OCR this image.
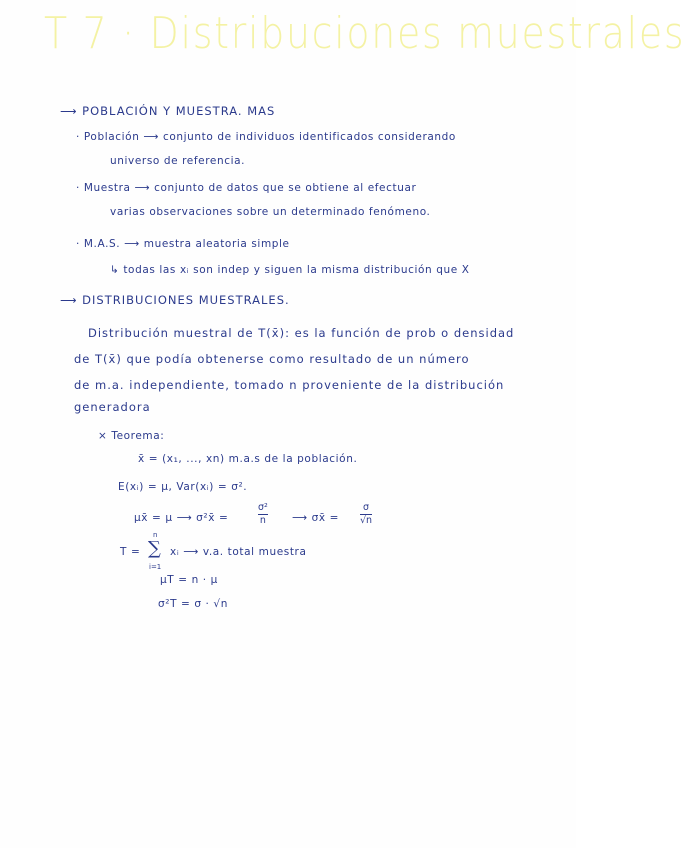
T 7 · Distribuciones muestrales
⟶ POBLACIÓN Y MUESTRA. MAS
· Población ⟶ conjunto de individuos identificados considerando
universo de referencia.
· Muestra ⟶ conjunto de datos que se obtiene al efectuar
varias observaciones sobre un determinado fenómeno.
· M.A.S. ⟶ muestra aleatoria simple
↳ todas las xᵢ son indep y siguen la misma distribución que X
⟶ DISTRIBUCIONES MUESTRALES.
Distribución muestral de T(x̄): es la función de prob o densidad
de T(x̄) que podía obtenerse como resultado de un número
de m.a. independiente, tomado n proveniente de la distribución
generadora
× Teorema:
x̄ = (x₁, ..., xn) m.a.s de la población.
E(xᵢ) = μ, Var(xᵢ) = σ².
μx̄ = μ ⟶ σ²x̄ =
σ²
n ⟶ σx̄ =
σ
√n
T =
n
∑
i=1
xᵢ ⟶ v.a. total muestra
μT = n · μ
σ²T = σ · √n
